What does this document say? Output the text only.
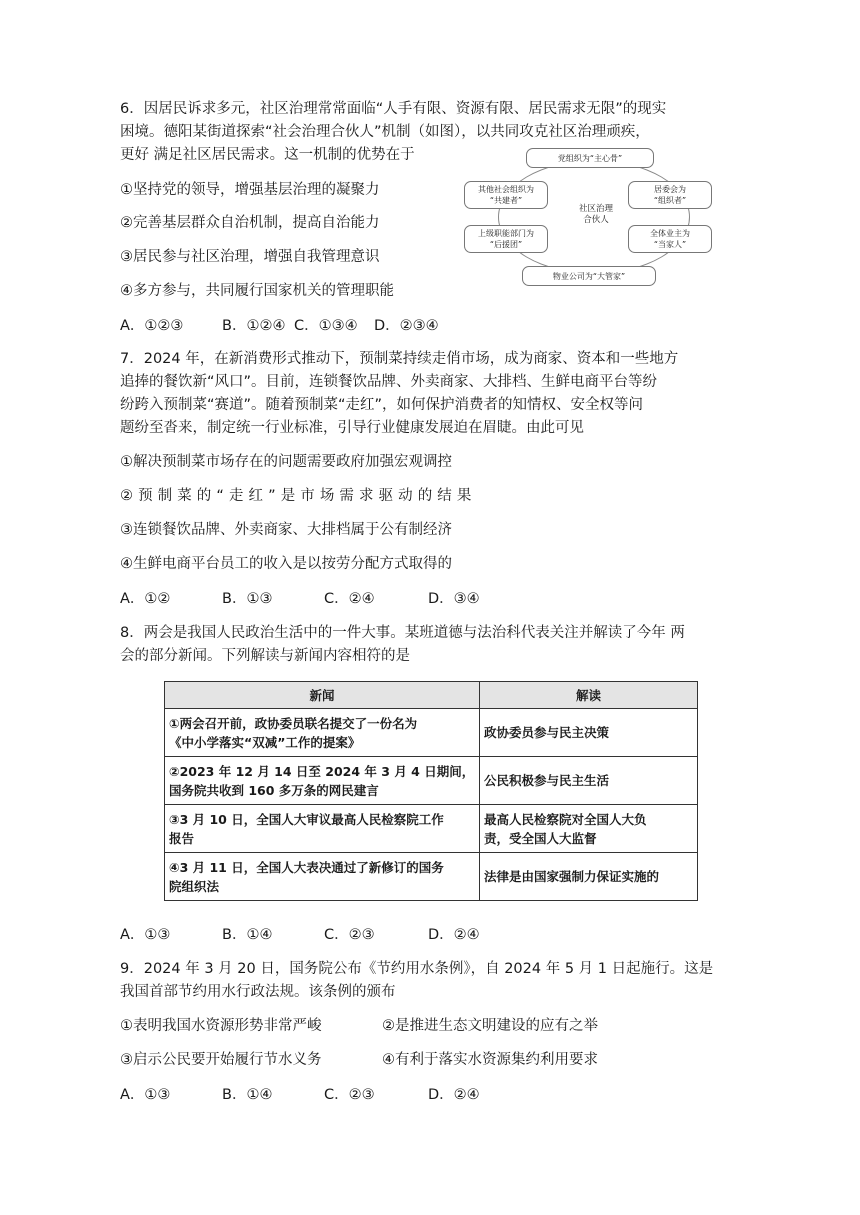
6．因居民诉求多元，社区治理常常面临“人手有限、资源有限、居民需求无限”的现实
困境。德阳某街道探索“社会治理合伙人”机制（如图），以共同攻克社区治理顽疾，
更好 满足社区居民需求。这一机制的优势在于
①坚持党的领导，增强基层治理的凝聚力
②完善基层群众自治机制，提高自治能力
③居民参与社区治理，增强自我管理意识
④多方参与，共同履行国家机关的管理职能
A．①②③	B．①②④ C．①③④ D．②③④
社区治理
合伙人
党组织为“主心骨”
其他社会组织为
“共建者”
居委会为
“组织者”
上级职能部门为
“后援团”
全体业主为
“当家人”
物业公司为“大管家”
7．2024 年，在新消费形式推动下，预制菜持续走俏市场，成为商家、资本和一些地方
追捧的餐饮新“风口”。目前，连锁餐饮品牌、外卖商家、大排档、生鲜电商平台等纷
纷跨入预制菜“赛道”。随着预制菜“走红”，如何保护消费者的知情权、安全权等问
题纷至沓来，制定统一行业标准，引导行业健康发展迫在眉睫。由此可见
①解决预制菜市场存在的问题需要政府加强宏观调控
②预制菜的“走红”是市场需求驱动的结果
③连锁餐饮品牌、外卖商家、大排档属于公有制经济
④生鲜电商平台员工的收入是以按劳分配方式取得的
A．①②	B．①③	C．②④	D．③④
8．两会是我国人民政治生活中的一件大事。某班道德与法治科代表关注并解读了今年 两
会的部分新闻。下列解读与新闻内容相符的是
新闻	解读
①两会召开前，政协委员联名提交了一份名为
《中小学落实“双减”工作的提案》	政协委员参与民主决策
②2023 年 12 月 14 日至 2024 年 3 月 4 日期间，
国务院共收到 160 多万条的网民建言	公民积极参与民主生活
③3 月 10 日，全国人大审议最高人民检察院工作
报告	最高人民检察院对全国人大负
责，受全国人大监督
④3 月 11 日，全国人大表决通过了新修订的国务
院组织法	法律是由国家强制力保证实施的
A．①③	B．①④	C．②③	D．②④
9．2024 年 3 月 20 日，国务院公布《节约用水条例》，自 2024 年 5 月 1 日起施行。这是
我国首部节约用水行政法规。该条例的颁布
①表明我国水资源形势非常严峻	②是推进生态文明建设的应有之举
③启示公民要开始履行节水义务	④有利于落实水资源集约利用要求
A．①③	B．①④	C．②③	D．②④
